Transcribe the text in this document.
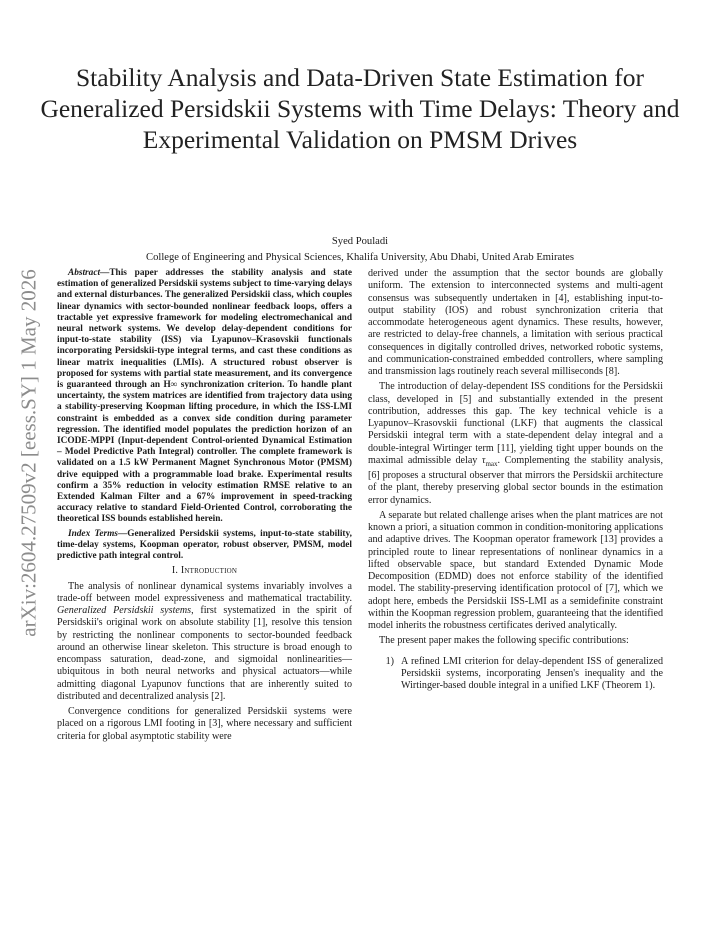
Stability Analysis and Data-Driven State Estimation for Generalized Persidskii Systems with Time Delays: Theory and Experimental Validation on PMSM Drives
Syed Pouladi
College of Engineering and Physical Sciences, Khalifa University, Abu Dhabi, United Arab Emirates
arXiv:2604.27509v2 [eess.SY] 1 May 2026	Abstract—This paper addresses the stability analysis and state estimation of generalized Persidskii systems subject to time-varying delays and external disturbances. The generalized Persidskii class, which couples linear dynamics with sector-bounded nonlinear feedback loops, offers a tractable yet expressive framework for modeling electromechanical and neural network systems. We develop delay-dependent conditions for input-to-state stability (ISS) via Lyapunov–Krasovskii functionals incorporating Persidskii-type integral terms, and cast these conditions as linear matrix inequalities (LMIs). A structured robust observer is proposed for systems with partial state measurement, and its convergence is guaranteed through an H∞ synchronization criterion. To handle plant uncertainty, the system matrices are identified from trajectory data using a stability-preserving Koopman lifting procedure, in which the ISS-LMI constraint is embedded as a convex side condition during parameter regression. The identified model populates the prediction horizon of an ICODE-MPPI (Input-dependent Control-oriented Dynamical Estimation – Model Predictive Path Integral) controller. The complete framework is validated on a 1.5 kW Permanent Magnet Synchronous Motor (PMSM) drive equipped with a programmable load brake. Experimental results confirm a 35% reduction in velocity estimation RMSE relative to an Extended Kalman Filter and a 67% improvement in speed-tracking accuracy relative to standard Field-Oriented Control, corroborating the theoretical ISS bounds established herein.

Index Terms—Generalized Persidskii systems, input-to-state stability, time-delay systems, Koopman operator, robust observer, PMSM, model predictive path integral control.

I. Introduction

The analysis of nonlinear dynamical systems invariably involves a trade-off between model expressiveness and mathematical tractability. Generalized Persidskii systems, first systematized in the spirit of Persidskii's original work on absolute stability [1], resolve this tension by restricting the nonlinear components to sector-bounded feedback around an otherwise linear skeleton. This structure is broad enough to encompass saturation, dead-zone, and sigmoidal nonlinearities—ubiquitous in both neural networks and physical actuators—while admitting diagonal Lyapunov functions that are inherently suited to distributed and decentralized analysis [2].

Convergence conditions for generalized Persidskii systems were placed on a rigorous LMI footing in [3], where necessary and sufficient criteria for global asymptotic stability were

derived under the assumption that the sector bounds are globally uniform. The extension to interconnected systems and multi-agent consensus was subsequently undertaken in [4], establishing input-to-output stability (IOS) and robust synchronization criteria that accommodate heterogeneous agent dynamics. These results, however, are restricted to delay-free channels, a limitation with serious practical consequences in digitally controlled drives, networked robotic systems, and communication-constrained embedded controllers, where sampling and transmission lags routinely reach several milliseconds [8].

The introduction of delay-dependent ISS conditions for the Persidskii class, developed in [5] and substantially extended in the present contribution, addresses this gap. The key technical vehicle is a Lyapunov–Krasovskii functional (LKF) that augments the classical Persidskii integral term with a state-dependent delay integral and a double-integral Wirtinger term [11], yielding tight upper bounds on the maximal admissible delay $\tau_{max}$. Complementing the stability analysis, [6] proposes a structural observer that mirrors the Persidskii architecture of the plant, thereby preserving global sector bounds in the estimation error dynamics.

A separate but related challenge arises when the plant matrices are not known a priori, a situation common in condition-monitoring applications and adaptive drives. The Koopman operator framework [13] provides a principled route to linear representations of nonlinear dynamics in a lifted observable space, but standard Extended Dynamic Mode Decomposition (EDMD) does not enforce stability of the identified model. The stability-preserving identification protocol of [7], which we adopt here, embeds the Persidskii ISS-LMI as a semidefinite constraint within the Koopman regression problem, guaranteeing that the identified model inherits the robustness certificates derived analytically.

The present paper makes the following specific contributions:

1) A refined LMI criterion for delay-dependent ISS of generalized Persidskii systems, incorporating Jensen's inequality and the Wirtinger-based double integral in a unified LKF (Theorem 1).
